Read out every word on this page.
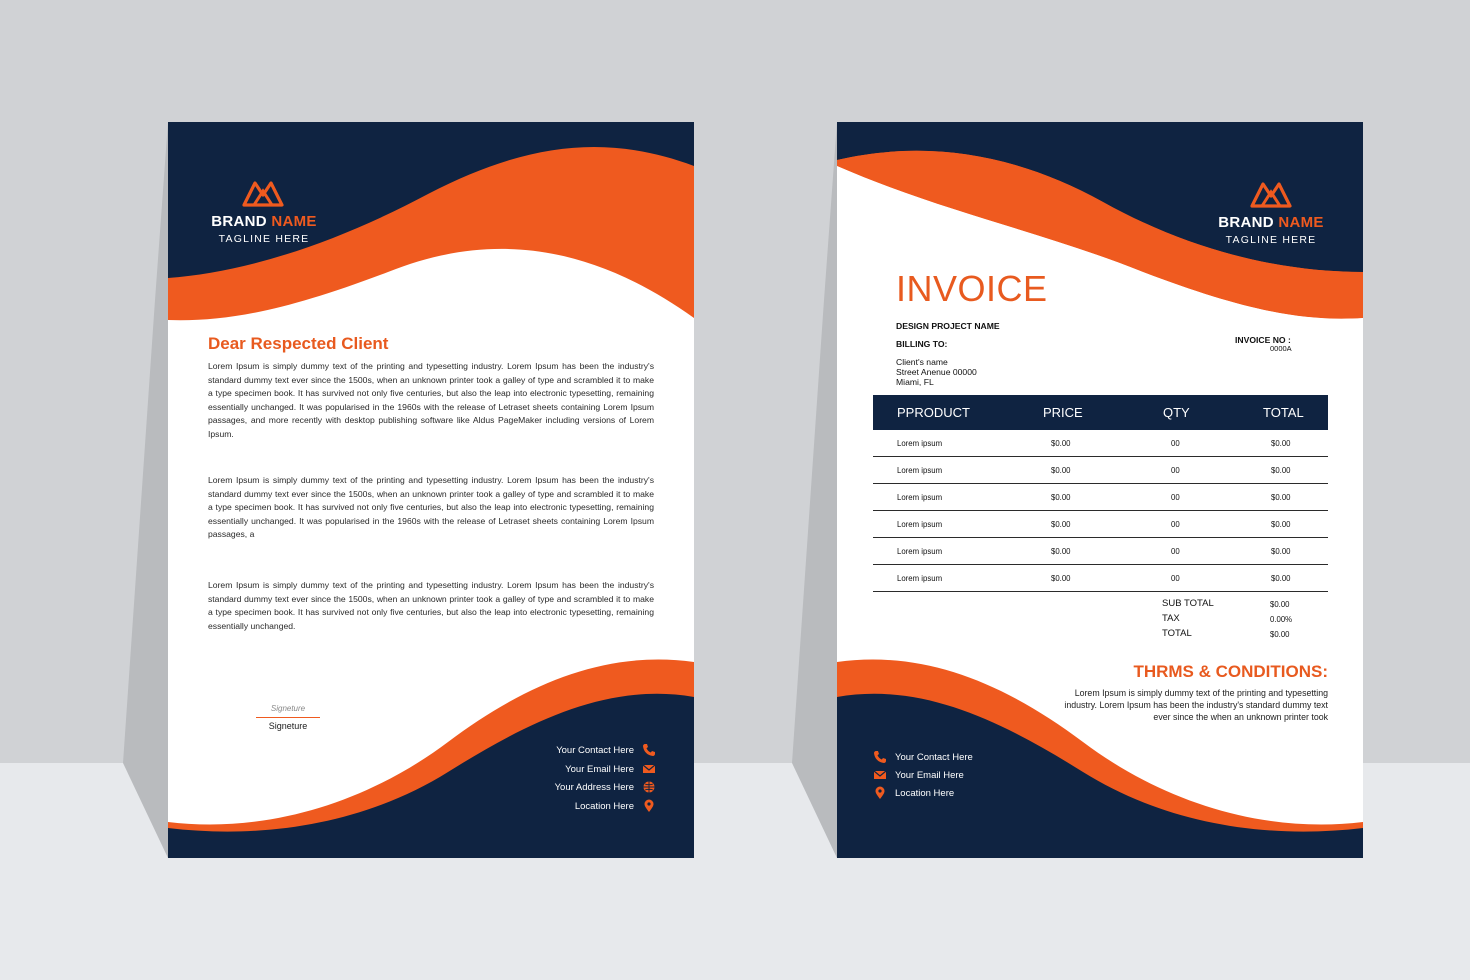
BRAND NAME
TAGLINE HERE
Dear Respected Client
Lorem Ipsum is simply dummy text of the printing and typesetting industry. Lorem Ipsum has been the industry's standard dummy text ever since the 1500s, when an unknown printer took a galley of type and scrambled it to make a type specimen book. It has survived not only five centuries, but also the leap into electronic typesetting, remaining essentially unchanged. It was popularised in the 1960s with the release of Letraset sheets containing Lorem Ipsum passages, and more recently with desktop publishing software like Aldus PageMaker including versions of Lorem Ipsum.
Lorem Ipsum is simply dummy text of the printing and typesetting industry. Lorem Ipsum has been the industry's standard dummy text ever since the 1500s, when an unknown printer took a galley of type and scrambled it to make a type specimen book. It has survived not only five centuries, but also the leap into electronic typesetting, remaining essentially unchanged. It was popularised in the 1960s with the release of Letraset sheets containing Lorem Ipsum passages, a
Lorem Ipsum is simply dummy text of the printing and typesetting industry. Lorem Ipsum has been the industry's standard dummy text ever since the 1500s, when an unknown printer took a galley of type and scrambled it to make a type specimen book. It has survived not only five centuries, but also the leap into electronic typesetting, remaining essentially unchanged.
Signeture
Signeture
Your Contact Here
Your Email Here
Your Address Here
Location Here
BRAND NAME
TAGLINE HERE
INVOICE
DESIGN PROJECT NAME
BILLING TO:
Client's name
Street Anenue 00000
Miami, FL
INVOICE NO :
0000A
PPRODUCT	PRICE	QTY	TOTAL
Lorem ipsum	$0.00	00	$0.00
Lorem ipsum	$0.00	00	$0.00
Lorem ipsum	$0.00	00	$0.00
Lorem ipsum	$0.00	00	$0.00
Lorem ipsum	$0.00	00	$0.00
Lorem ipsum	$0.00	00	$0.00
SUB TOTAL	$0.00
TAX	0.00%
TOTAL	$0.00
THRMS & CONDITIONS:
Lorem Ipsum is simply dummy text of the printing and typesetting industry. Lorem Ipsum has been the industry's standard dummy text ever since the when an unknown printer took
Your Contact Here
Your Email Here
Location Here
